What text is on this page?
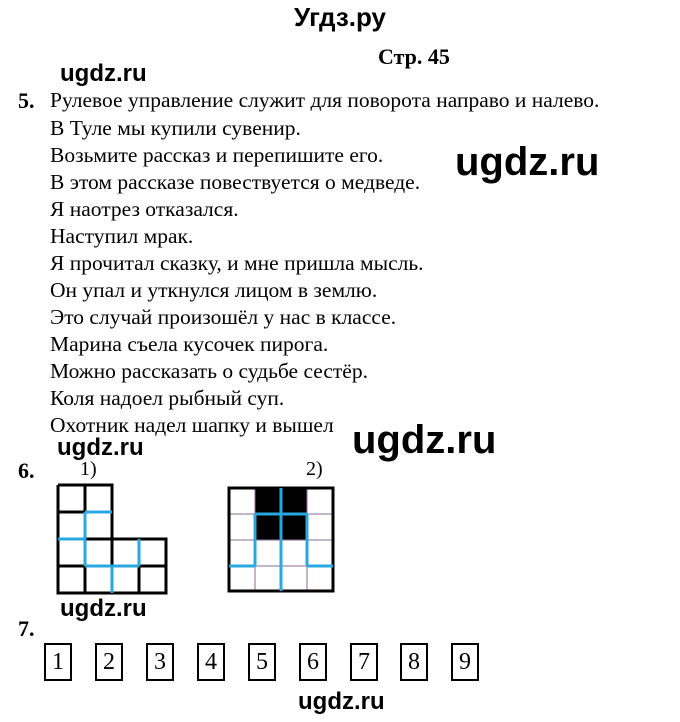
Угдз.ру
Стр. 45
ugdz.ru
ugdz.ru
ugdz.ru	ugdz.ru
ugdz.ru
ugdz.ru
5. Рулевое управление служит для поворота направо и налево.
В Туле мы купили сувенир.
Возьмите рассказ и перепишите его.
В этом рассказе повествуется о медведе.
Я наотрез отказался.
Наступил мрак.
Я прочитал сказку, и мне пришла мысль.
Он упал и уткнулся лицом в землю.
Это случай произошёл у нас в классе.
Марина съела кусочек пирога.
Можно рассказать о судьбе сестёр.
Коля надоел рыбный суп.
Охотник надел шапку и вышел
6. 1)	2)
7.
1	2	3	4	5	6	7	8	9
